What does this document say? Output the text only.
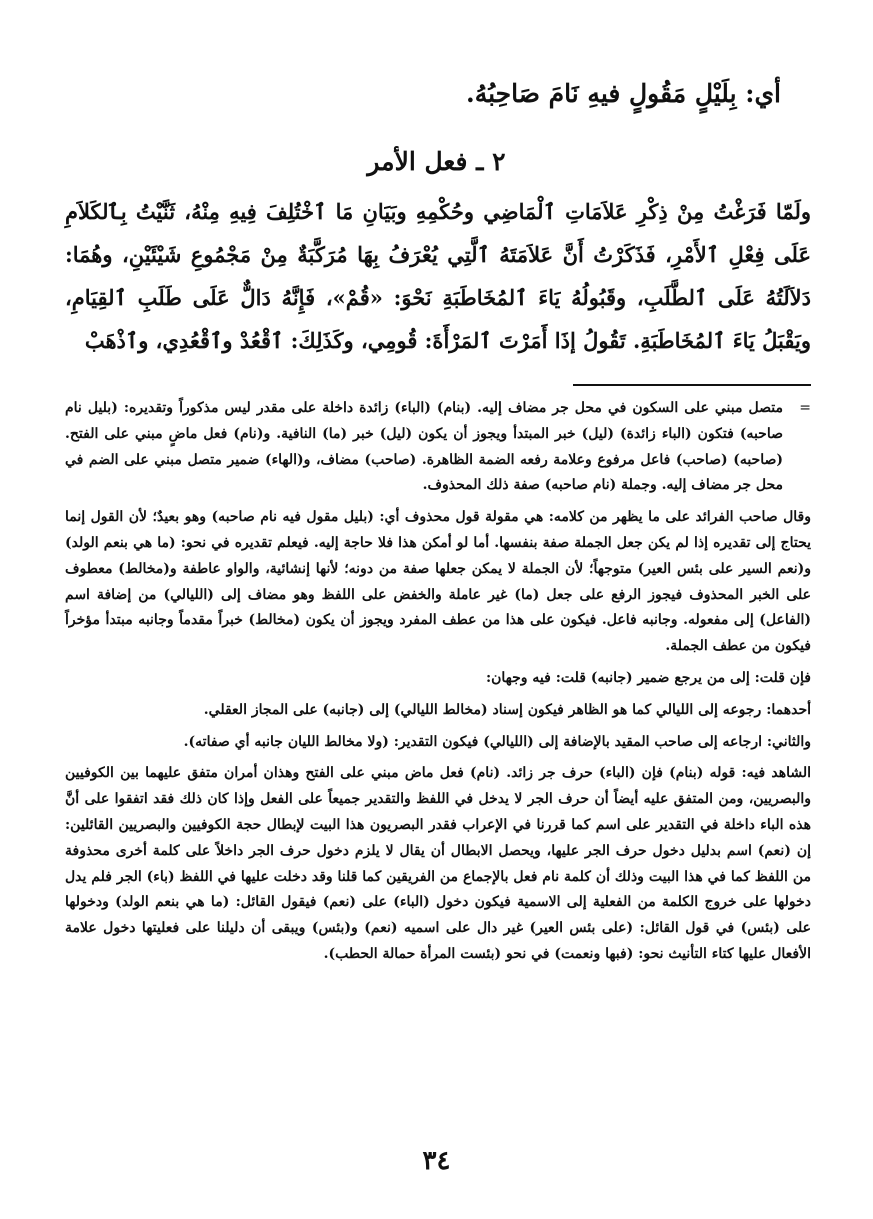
أي: بِلَيْلٍ مَقُولٍ فيهِ نَامَ صَاحِبُهُ.
٢ ـ فعل الأمر
ولَمّا فَرَغْتُ مِنْ ذِكْرِ عَلاَمَاتِ ٱلْمَاضِي وحُكْمِهِ وبَيَانِ مَا ٱخْتُلِفَ فِيهِ مِنْهُ، ثَنَّيْتُ بِٱلكَلاَمِ عَلَى فِعْلِ ٱلأَمْرِ، فَذَكَرْتُ أَنَّ عَلاَمَتَهُ ٱلَّتِي يُعْرَفُ بِهَا مُرَكَّبَةٌ مِنْ مَجْمُوعِ شَيْئَيْنِ، وهُمَا: دَلاَلَتُهُ عَلَى ٱلطَّلَبِ، وقَبُولُهُ يَاءَ ٱلمُخَاطَبَةِ نَحْوَ: «قُمْ»، فَإِنَّهُ دَالٌّ عَلَى طَلَبِ ٱلقِيَامِ، ويَقْبَلُ يَاءَ ٱلمُخَاطَبَةِ. تَقُولُ إذَا أَمَرْتَ ٱلمَرْأَةَ: قُومِي، وكَذَلِكَ: ٱقْعُدْ وٱقْعُدِي، وٱذْهَبْ

=
متصل مبني على السكون في محل جر مضاف إليه. (بنام) (الباء) زائدة داخلة على مقدر ليس مذكوراً وتقديره: (بليل نام صاحبه) فتكون (الباء زائدة) (ليل) خبر المبتدأ ويجوز أن يكون (ليل) خبر (ما) النافية. و(نام) فعل ماضٍ مبني على الفتح. (صاحبه) (صاحب) فاعل مرفوع وعلامة رفعه الضمة الظاهرة. (صاحب) مضاف، و(الهاء) ضمير متصل مبني على الضم في محل جر مضاف إليه. وجملة (نام صاحبه) صفة ذلك المحذوف.

وقال صاحب الفرائد على ما يظهر من كلامه: هي مقولة قول محذوف أي: (بليل مقول فيه نام صاحبه) وهو بعيدٌ؛ لأن القول إنما يحتاج إلى تقديره إذا لم يكن جعل الجملة صفة بنفسها. أما لو أمكن هذا فلا حاجة إليه. فيعلم تقديره في نحو: (ما هي بنعم الولد) و(نعم السير على بئس العير) متوجهاً؛ لأن الجملة لا يمكن جعلها صفة من دونه؛ لأنها إنشائية، والواو عاطفة و(مخالط) معطوف على الخبر المحذوف فيجوز الرفع على جعل (ما) غير عاملة والخفض على اللفظ وهو مضاف إلى (الليالي) من إضافة اسم (الفاعل) إلى مفعوله. وجانبه فاعل. فيكون على هذا من عطف المفرد ويجوز أن يكون (مخالط) خبراً مقدماً وجانبه مبتدأ مؤخراً فيكون من عطف الجملة.

فإن قلت: إلى من يرجع ضمير (جانبه) قلت: فيه وجهان:

أحدهما: رجوعه إلى الليالي كما هو الظاهر فيكون إسناد (مخالط الليالي) إلى (جانبه) على المجاز العقلي.

والثاني: ارجاعه إلى صاحب المقيد بالإضافة إلى (الليالي) فيكون التقدير: (ولا مخالط الليان جانبه أي صفاته).

الشاهد فيه: قوله (بنام) فإن (الباء) حرف جر زائد. (نام) فعل ماض مبني على الفتح وهذان أمران متفق عليهما بين الكوفيين والبصريين، ومن المتفق عليه أيضاً أن حرف الجر لا يدخل في اللفظ والتقدير جميعاً على الفعل وإذا كان ذلك فقد اتفقوا على أنَّ هذه الباء داخلة في التقدير على اسم كما قررنا في الإعراب فقدر البصريون هذا البيت لإبطال حجة الكوفيين والبصريين القائلين: إن (نعم) اسم بدليل دخول حرف الجر عليها، ويحصل الابطال أن يقال لا يلزم دخول حرف الجر داخلاً على كلمة أخرى محذوفة من اللفظ كما في هذا البيت وذلك أن كلمة نام فعل بالإجماع من الفريقين كما قلنا وقد دخلت عليها في اللفظ (باء) الجر فلم يدل دخولها على خروج الكلمة من الفعلية إلى الاسمية فيكون دخول (الباء) على (نعم) فيقول القائل: (ما هي بنعم الولد) ودخولها على (بئس) في قول القائل: (على بئس العير) غير دال على اسميه (نعم) و(بئس) ويبقى أن دليلنا على فعليتها دخول علامة الأفعال عليها كتاء التأنيث نحو: (فبها ونعمت) في نحو (بئست المرأة حمالة الحطب).

٣٤
